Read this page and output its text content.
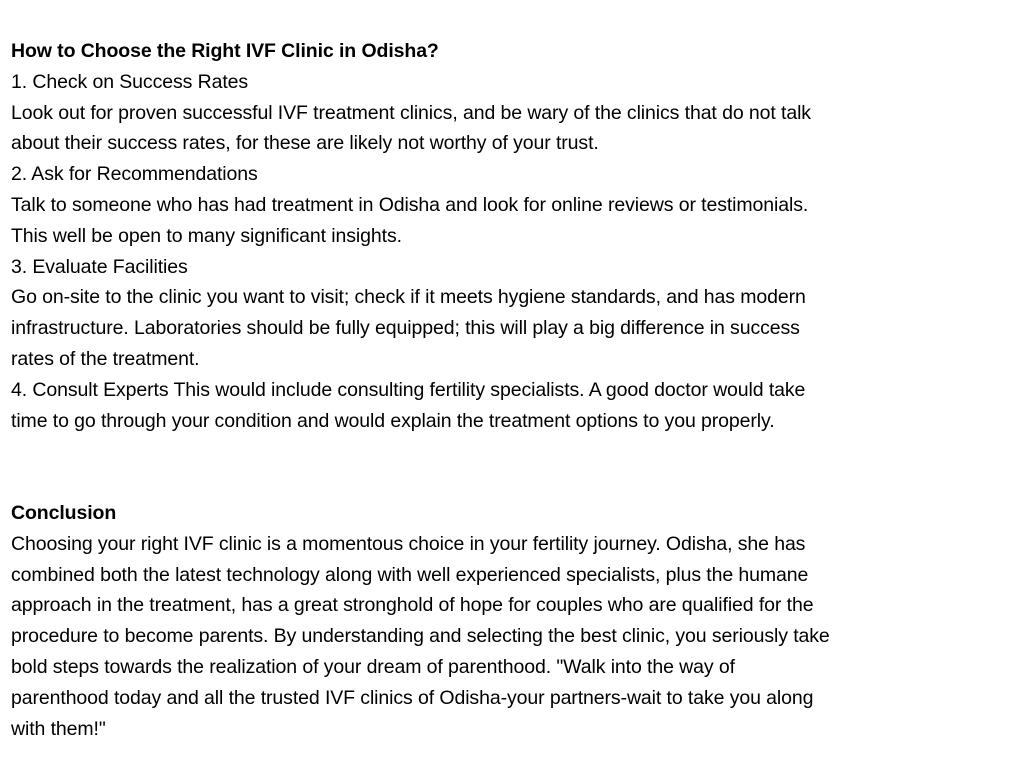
How to Choose the Right IVF Clinic in Odisha?
1. Check on Success Rates
Look out for proven successful IVF treatment clinics, and be wary of the clinics that do not talk
about their success rates, for these are likely not worthy of your trust.
2. Ask for Recommendations
Talk to someone who has had treatment in Odisha and look for online reviews or testimonials.
This well be open to many significant insights.
3. Evaluate Facilities
Go on-site to the clinic you want to visit; check if it meets hygiene standards, and has modern
infrastructure. Laboratories should be fully equipped; this will play a big difference in success
rates of the treatment.
4. Consult Experts This would include consulting fertility specialists. A good doctor would take
time to go through your condition and would explain the treatment options to you properly.
Conclusion
Choosing your right IVF clinic is a momentous choice in your fertility journey. Odisha, she has
combined both the latest technology along with well experienced specialists, plus the humane
approach in the treatment, has a great stronghold of hope for couples who are qualified for the
procedure to become parents. By understanding and selecting the best clinic, you seriously take
bold steps towards the realization of your dream of parenthood. "Walk into the way of
parenthood today and all the trusted IVF clinics of Odisha-your partners-wait to take you along
with them!"
